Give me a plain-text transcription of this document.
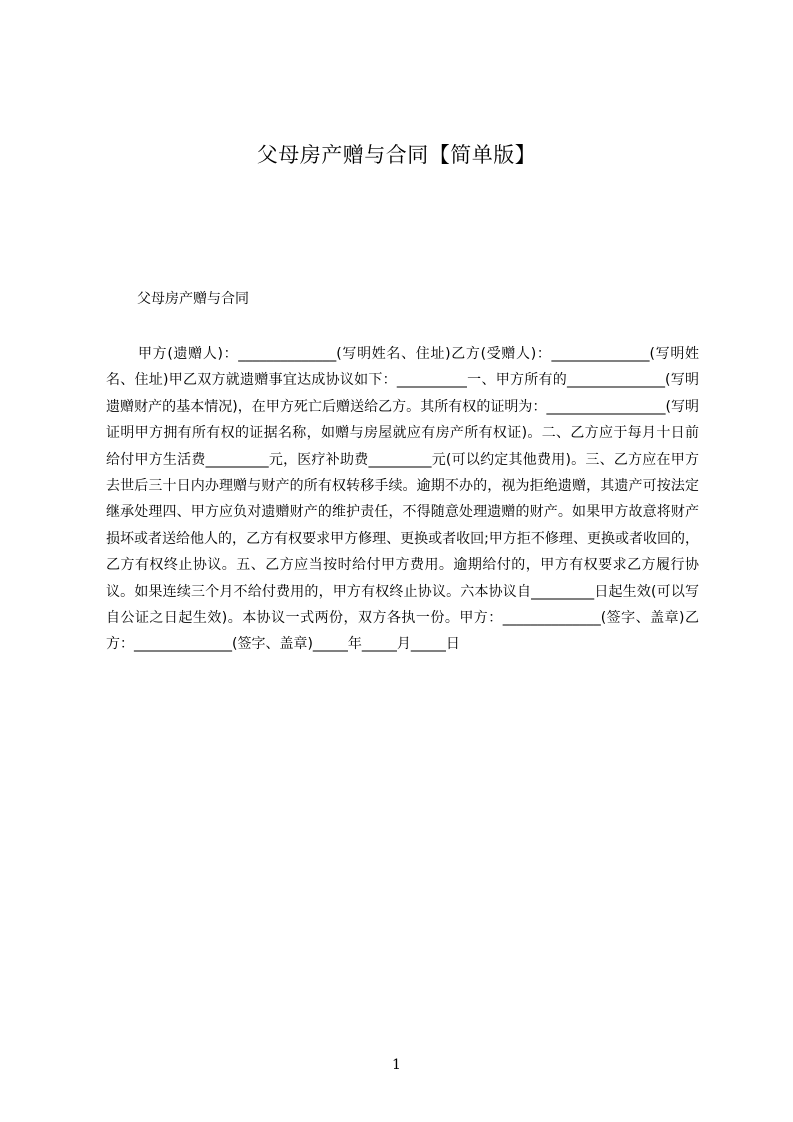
父母房产赠与合同【简单版】

父母房产赠与合同

甲方(遗赠人)：______________(写明姓名、住址)乙方(受赠人)：______________(写明姓名、住址)甲乙双方就遗赠事宜达成协议如下：__________一、甲方所有的______________(写明遗赠财产的基本情况)，在甲方死亡后赠送给乙方。其所有权的证明为：_________________(写明证明甲方拥有所有权的证据名称，如赠与房屋就应有房产所有权证)。二、乙方应于每月十日前给付甲方生活费_________元，医疗补助费_________元(可以约定其他费用)。三、乙方应在甲方去世后三十日内办理赠与财产的所有权转移手续。逾期不办的，视为拒绝遗赠，其遗产可按法定继承处理四、甲方应负对遗赠财产的维护责任，不得随意处理遗赠的财产。如果甲方故意将财产损坏或者送给他人的，乙方有权要求甲方修理、更换或者收回;甲方拒不修理、更换或者收回的，乙方有权终止协议。五、乙方应当按时给付甲方费用。逾期给付的，甲方有权要求乙方履行协议。如果连续三个月不给付费用的，甲方有权终止协议。六本协议自_________日起生效(可以写自公证之日起生效)。本协议一式两份，双方各执一份。甲方：______________(签字、盖章)乙方：______________(签字、盖章)_____年_____月_____日

1
